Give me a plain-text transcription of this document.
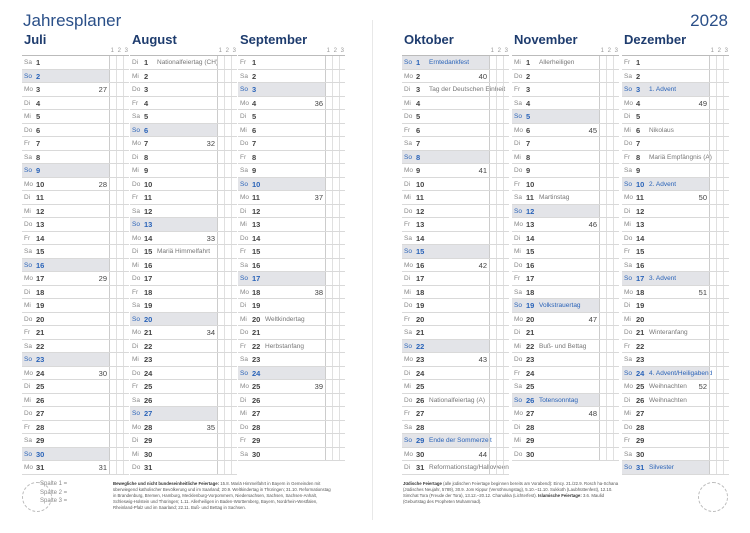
Jahresplaner	2028
Juli
1 2 3
Sa 1
So 2
Mo 3	27
Di 4
Mi 5
Do 6
Fr 7
Sa 8
So 9
Mo 10	28
Di 11
Mi 12
Do 13
Fr 14
Sa 15
So 16
Mo 17	29
Di 18
Mi 19
Do 20
Fr 21
Sa 22
So 23
Mo 24	30
Di 25
Mi 26
Do 27
Fr 28
Sa 29
So 30
Mo 31	31
August
1 2 3
Di 1 Nationalfeiertag (CH)
Mi 2
Do 3
Fr 4
Sa 5
So 6
Mo 7	32
Di 8
Mi 9
Do 10
Fr 11
Sa 12
So 13
Mo 14	33
Di 15 Mariä Himmelfahrt
Mi 16
Do 17
Fr 18
Sa 19
So 20
Mo 21	34
Di 22
Mi 23
Do 24
Fr 25
Sa 26
So 27
Mo 28	35
Di 29
Mi 30
Do 31
September
1 2 3
Fr 1
Sa 2
So 3
Mo 4	36
Di 5
Mi 6
Do 7
Fr 8
Sa 9
So 10
Mo 11	37
Di 12
Mi 13
Do 14
Fr 15
Sa 16
So 17
Mo 18	38
Di 19
Mi 20 Weltkindertag
Do 21
Fr 22 Herbstanfang
Sa 23
So 24
Mo 25	39
Di 26
Mi 27
Do 28
Fr 29
Sa 30
Oktober
1 2 3
So 1 Erntedankfest
Mo 2	40
Di 3 Tag der Deutschen Einheit
Mi 4
Do 5
Fr 6
Sa 7
So 8
Mo 9	41
Di 10
Mi 11
Do 12
Fr 13
Sa 14
So 15
Mo 16	42
Di 17
Mi 18
Do 19
Fr 20
Sa 21
So 22
Mo 23	43
Di 24
Mi 25
Do 26 Nationalfeiertag (A)
Fr 27
Sa 28
So 29 Ende der Sommerzeit
Mo 30	44
Di 31 Reformationstag/Halloween
November
1 2 3
Mi 1 Allerheiligen
Do 2
Fr 3
Sa 4
So 5
Mo 6	45
Di 7
Mi 8
Do 9
Fr 10
Sa 11 Martinstag
So 12
Mo 13	46
Di 14
Mi 15
Do 16
Fr 17
Sa 18
So 19 Volkstrauertag
Mo 20	47
Di 21
Mi 22 Buß- und Bettag
Do 23
Fr 24
Sa 25
So 26 Totensonntag
Mo 27	48
Di 28
Mi 29
Do 30
Dezember
1 2 3
Fr 1
Sa 2
So 3 1. Advent
Mo 4	49
Di 5
Mi 6 Nikolaus
Do 7
Fr 8 Mariä Empfängnis (A)
Sa 9
So 10 2. Advent
Mo 11	50
Di 12
Mi 13
Do 14
Fr 15
Sa 16
So 17 3. Advent
Mo 18	51
Di 19
Mi 20
Do 21 Winteranfang
Fr 22
Sa 23
So 24 4. Advent/Heiligabend
Mo 25 Weihnachten 52
Di 26 Weihnachten
Mi 27
Do 28
Fr 29
Sa 30
So 31 Silvester
Spalte 1 =
Spalte 2 =
Spalte 3 =
Bewegliche und nicht bundeseinheitliche Feiertage: 15.8. Mariä Himmelfahrt in Bayern in Gemeinden mit überwiegend katholischer Bevölkerung und im Saarland; 20.9. Weltkindertag in Thüringen; 31.10. Reformationstag in Brandenburg, Bremen, Hamburg, Mecklenburg-Vorpommern, Niedersachsen, Sachsen, Sachsen-Anhalt, Schleswig-Holstein und Thüringen; 1.11. Allerheiligen in Baden-Württemberg, Bayern, Nordrhein-Westfalen, Rheinland-Pfalz und im Saarland; 22.11. Buß- und Bettag in Sachsen.
Jüdische Feiertage (alle jüdischen Feiertage beginnen bereits am Vorabend): Eincy. 21./22.9. Rosch ha-Schana (Jüdisches Neujahr, 5789), 30.9. Jom Kippur (Versöhnungstag), 5.10.–11.10. Sukkoth (Laubhüttenfest), 12.10. Simchat Tora (Freude der Tora), 13.12.–20.12. Chanukka (Lichterfest). Islamische Feiertage: 3.6. Maulid (Geburtstag des Propheten Muhammad).
